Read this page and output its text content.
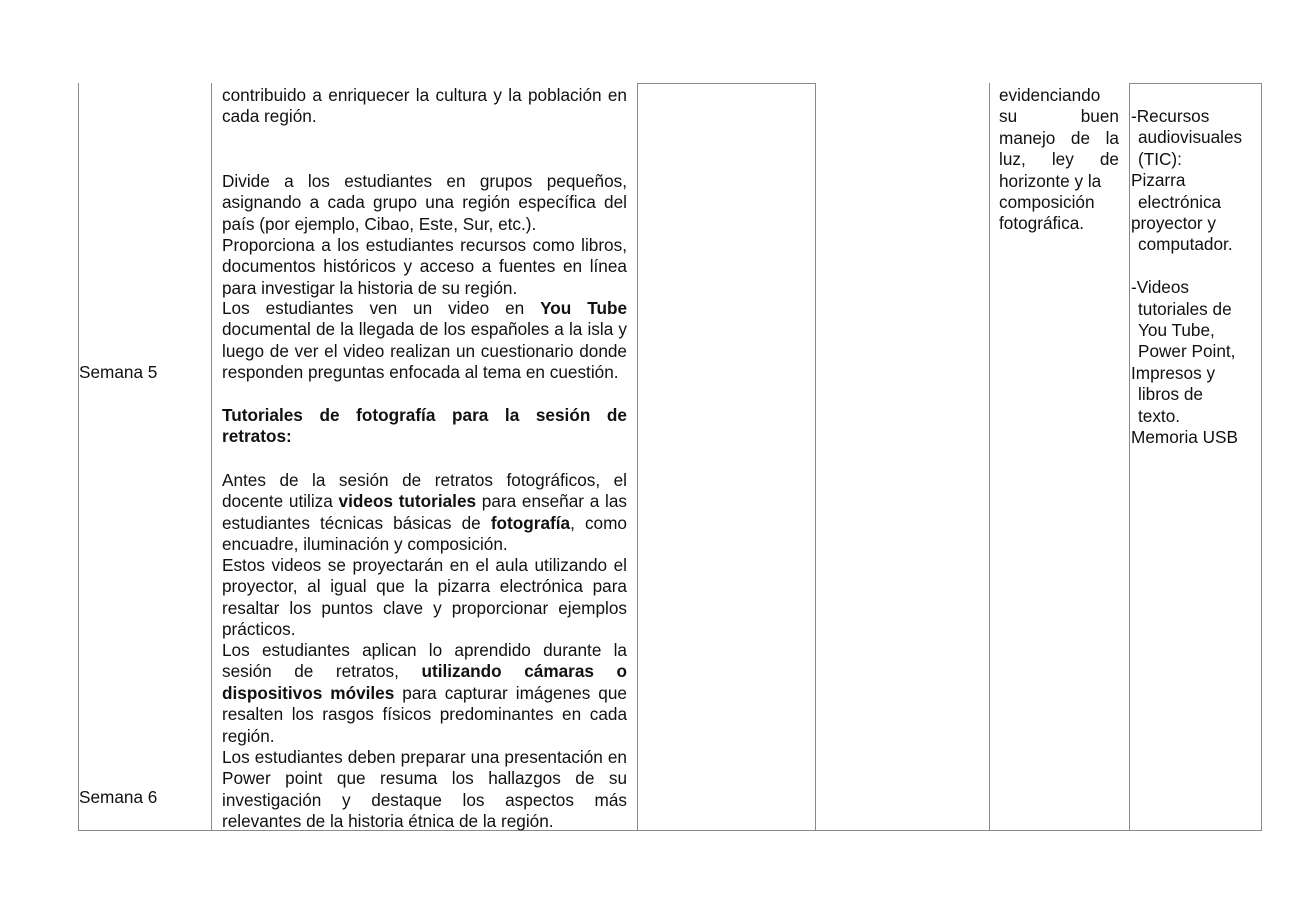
Semana 5
Semana 6

contribuido a enriquecer la cultura y la población en cada región.

Divide a los estudiantes en grupos pequeños, asignando a cada grupo una región específica del país (por ejemplo, Cibao, Este, Sur, etc.).

Proporciona a los estudiantes recursos como libros, documentos históricos y acceso a fuentes en línea para investigar la historia de su región.

Los estudiantes ven un video en You Tube documental de la llegada de los españoles a la isla y luego de ver el video realizan un cuestionario donde responden preguntas enfocada al tema en cuestión.

Tutoriales de fotografía para la sesión de retratos:

Antes de la sesión de retratos fotográficos, el docente utiliza videos tutoriales para enseñar a las estudiantes técnicas básicas de fotografía, como encuadre, iluminación y composición.

Estos videos se proyectarán en el aula utilizando el proyector, al igual que la pizarra electrónica para resaltar los puntos clave y proporcionar ejemplos prácticos.

Los estudiantes aplican lo aprendido durante la sesión de retratos, utilizando cámaras o dispositivos móviles para capturar imágenes que resalten los rasgos físicos predominantes en cada región.

Los estudiantes deben preparar una presentación en Power point que resuma los hallazgos de su investigación y destaque los aspectos más relevantes de la historia étnica de la región.

evidenciando
su	buen
manejo de la
luz, ley de
horizonte y la
composición
fotográfica.
-Recursos
audiovisuales
(TIC):
Pizarra
electrónica
proyector y
computador.
-Videos
tutoriales de
You Tube,
Power Point,
Impresos y
libros de
texto.
Memoria USB
